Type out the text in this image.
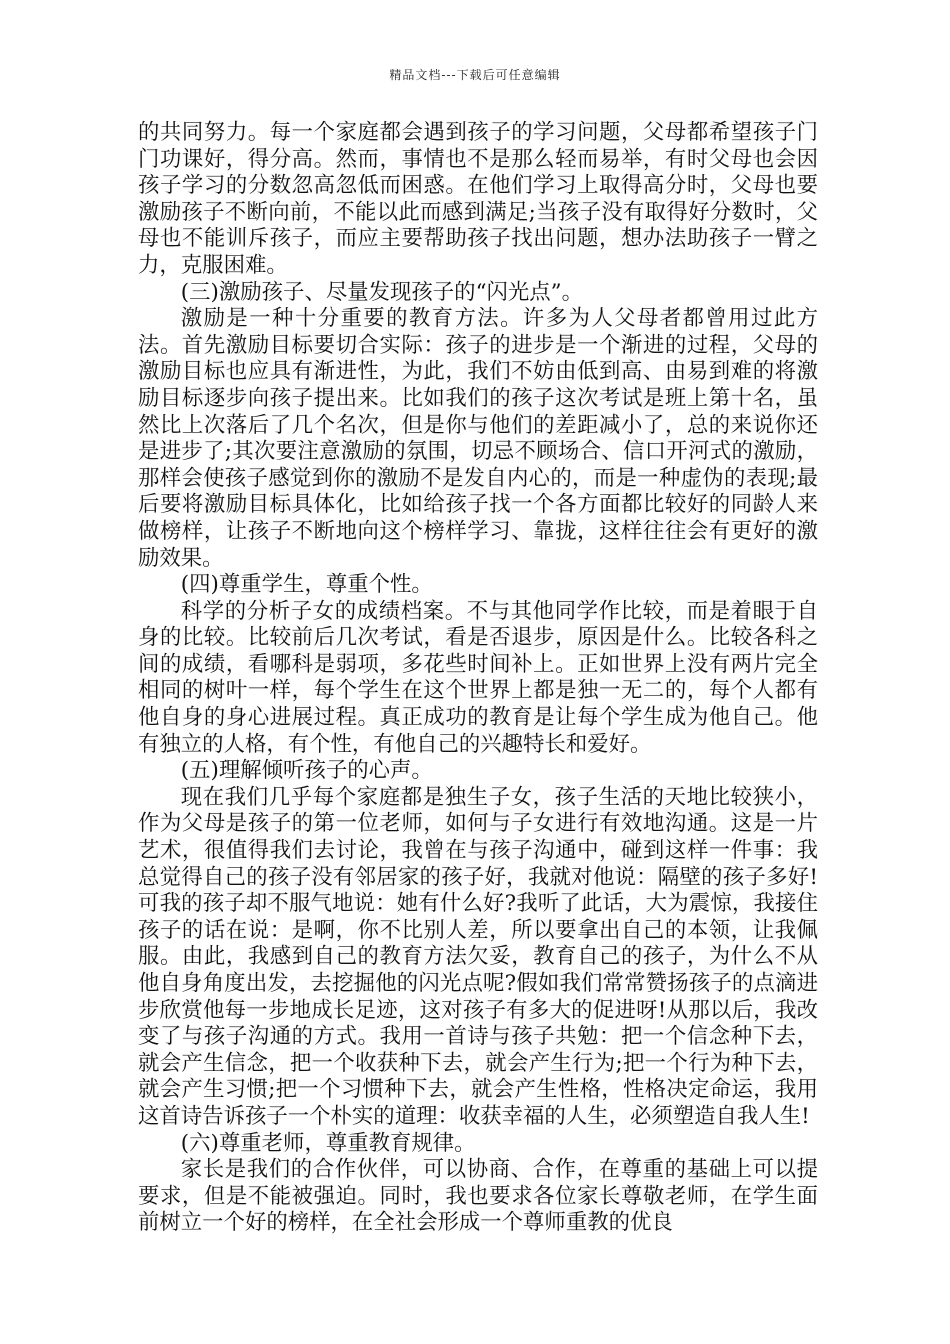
精品文档---下载后可任意编辑

的共同努力。每一个家庭都会遇到孩子的学习问题，父母都希望孩子门门功课好，得分高。然而，事情也不是那么轻而易举，有时父母也会因孩子学习的分数忽高忽低而困惑。在他们学习上取得高分时，父母也要激励孩子不断向前，不能以此而感到满足;当孩子没有取得好分数时，父母也不能训斥孩子，而应主要帮助孩子找出问题，想办法助孩子一臂之力，克服困难。

(三)激励孩子、尽量发现孩子的“闪光点”。

激励是一种十分重要的教育方法。许多为人父母者都曾用过此方法。首先激励目标要切合实际：孩子的进步是一个渐进的过程，父母的激励目标也应具有渐进性，为此，我们不妨由低到高、由易到难的将激励目标逐步向孩子提出来。比如我们的孩子这次考试是班上第十名，虽然比上次落后了几个名次，但是你与他们的差距减小了，总的来说你还是进步了;其次要注意激励的氛围，切忌不顾场合、信口开河式的激励，那样会使孩子感觉到你的激励不是发自内心的，而是一种虚伪的表现;最后要将激励目标具体化，比如给孩子找一个各方面都比较好的同龄人来做榜样，让孩子不断地向这个榜样学习、靠拢，这样往往会有更好的激励效果。

(四)尊重学生，尊重个性。

科学的分析子女的成绩档案。不与其他同学作比较，而是着眼于自身的比较。比较前后几次考试，看是否退步，原因是什么。比较各科之间的成绩，看哪科是弱项，多花些时间补上。正如世界上没有两片完全相同的树叶一样，每个学生在这个世界上都是独一无二的，每个人都有他自身的身心进展过程。真正成功的教育是让每个学生成为他自己。他有独立的人格，有个性，有他自己的兴趣特长和爱好。

(五)理解倾听孩子的心声。

现在我们几乎每个家庭都是独生子女，孩子生活的天地比较狭小，作为父母是孩子的第一位老师，如何与子女进行有效地沟通。这是一片艺术，很值得我们去讨论，我曾在与孩子沟通中，碰到这样一件事：我总觉得自己的孩子没有邻居家的孩子好，我就对他说：隔壁的孩子多好!可我的孩子却不服气地说：她有什么好?我听了此话，大为震惊，我接住孩子的话在说：是啊，你不比别人差，所以要拿出自己的本领，让我佩服。由此，我感到自己的教育方法欠妥，教育自己的孩子，为什么不从他自身角度出发，去挖掘他的闪光点呢?假如我们常常赞扬孩子的点滴进步欣赏他每一步地成长足迹，这对孩子有多大的促进呀!从那以后，我改变了与孩子沟通的方式。我用一首诗与孩子共勉：把一个信念种下去，就会产生信念，把一个收获种下去，就会产生行为;把一个行为种下去，就会产生习惯;把一个习惯种下去，就会产生性格，性格决定命运，我用这首诗告诉孩子一个朴实的道理：收获幸福的人生，必须塑造自我人生!

(六)尊重老师，尊重教育规律。

家长是我们的合作伙伴，可以协商、合作，在尊重的基础上可以提要求，但是不能被强迫。同时，我也要求各位家长尊敬老师，在学生面前树立一个好的榜样，在全社会形成一个尊师重教的优良
